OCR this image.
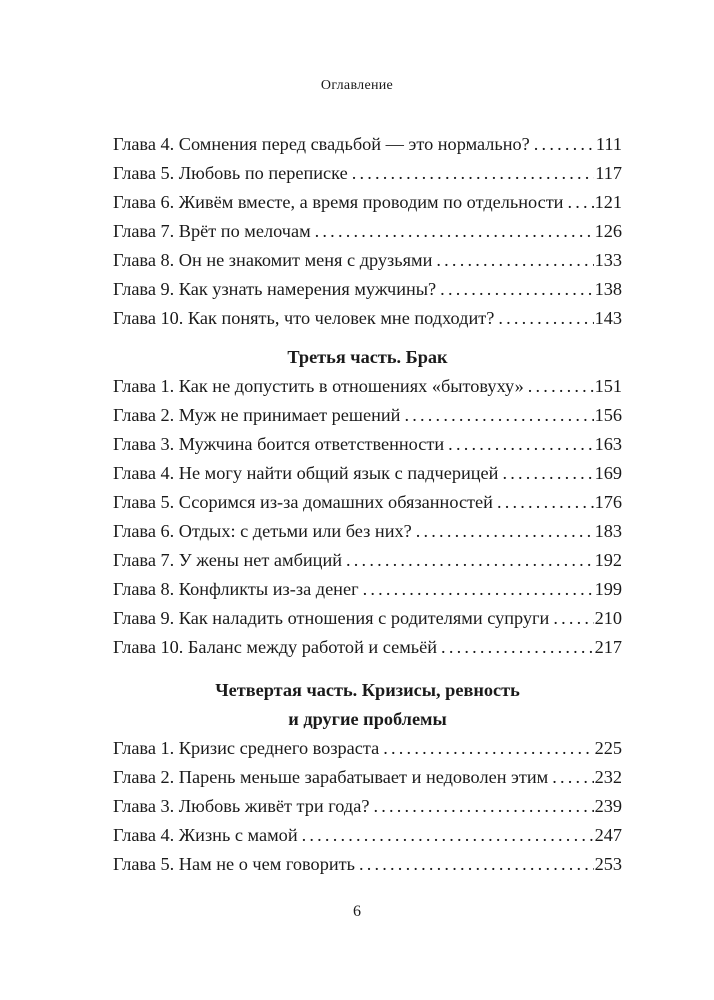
Оглавление
Глава 4. Сомнения перед свадьбой — это нормально? .....	111
Глава 5. Любовь по переписке .....	117
Глава 6. Живём вместе, а время проводим по отдельности ..... 121
Глава 7. Врёт по мелочам .....	126
Глава 8. Он не знакомит меня с друзьями .....	133
Глава 9. Как узнать намерения мужчины? .....	138
Глава 10. Как понять, что человек мне подходит? .....	143
Третья часть. Брак
Глава 1. Как не допустить в отношениях «бытовуху» .....	151
Глава 2. Муж не принимает решений .....	156
Глава 3. Мужчина боится ответственности .....	163
Глава 4. Не могу найти общий язык с падчерицей .....	169
Глава 5. Ссоримся из-за домашних обязанностей .....	176
Глава 6. Отдых: с детьми или без них? .....	183
Глава 7. У жены нет амбиций .....	192
Глава 8. Конфликты из-за денег .....	199
Глава 9. Как наладить отношения с родителями супруги ..... 210
Глава 10. Баланс между работой и семьёй .....	217
Четвертая часть. Кризисы, ревность
и другие проблемы
Глава 1. Кризис среднего возраста .....	225
Глава 2. Парень меньше зарабатывает и недоволен этим .....	232
Глава 3. Любовь живёт три года? .....	239
Глава 4. Жизнь с мамой .....	247
Глава 5. Нам не о чем говорить .....	253
6
